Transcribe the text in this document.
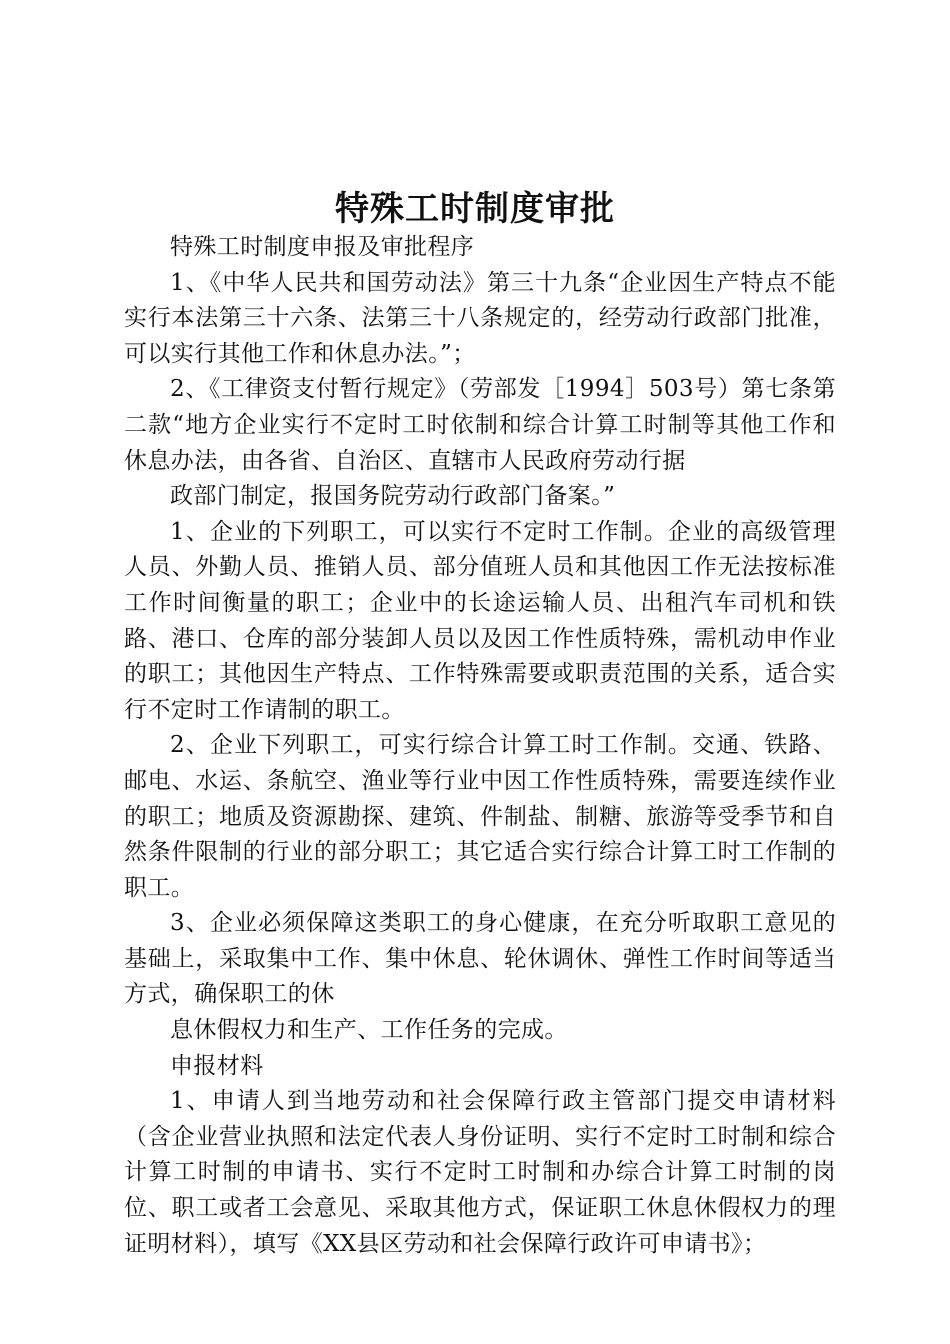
特殊工时制度审批

特殊工时制度申报及审批程序

1、《中华人民共和国劳动法》第三十九条“企业因生产特点不能实行本法第三十六条、法第三十八条规定的，经劳动行政部门批准，可以实行其他工作和休息办法。”；

2、《工律资支付暂行规定》（劳部发［1994］503号）第七条第二款“地方企业实行不定时工时依制和综合计算工时制等其他工作和休息办法，由各省、自治区、直辖市人民政府劳动行据

政部门制定，报国务院劳动行政部门备案。”

1、企业的下列职工，可以实行不定时工作制。企业的高级管理人员、外勤人员、推销人员、部分值班人员和其他因工作无法按标准工作时间衡量的职工；企业中的长途运输人员、出租汽车司机和铁路、港口、仓库的部分装卸人员以及因工作性质特殊，需机动申作业的职工；其他因生产特点、工作特殊需要或职责范围的关系，适合实行不定时工作请制的职工。

2、企业下列职工，可实行综合计算工时工作制。交通、铁路、邮电、水运、条航空、渔业等行业中因工作性质特殊，需要连续作业的职工；地质及资源勘探、建筑、件制盐、制糖、旅游等受季节和自然条件限制的行业的部分职工；其它适合实行综合计算工时工作制的职工。

3、企业必须保障这类职工的身心健康，在充分听取职工意见的基础上，采取集中工作、集中休息、轮休调休、弹性工作时间等适当方式，确保职工的休

息休假权力和生产、工作任务的完成。

申报材料

1、申请人到当地劳动和社会保障行政主管部门提交申请材料（含企业营业执照和法定代表人身份证明、实行不定时工时制和综合计算工时制的申请书、实行不定时工时制和办综合计算工时制的岗位、职工或者工会意见、采取其他方式，保证职工休息休假权力的理证明材料），填写《XX县区劳动和社会保障行政许可申请书》；
